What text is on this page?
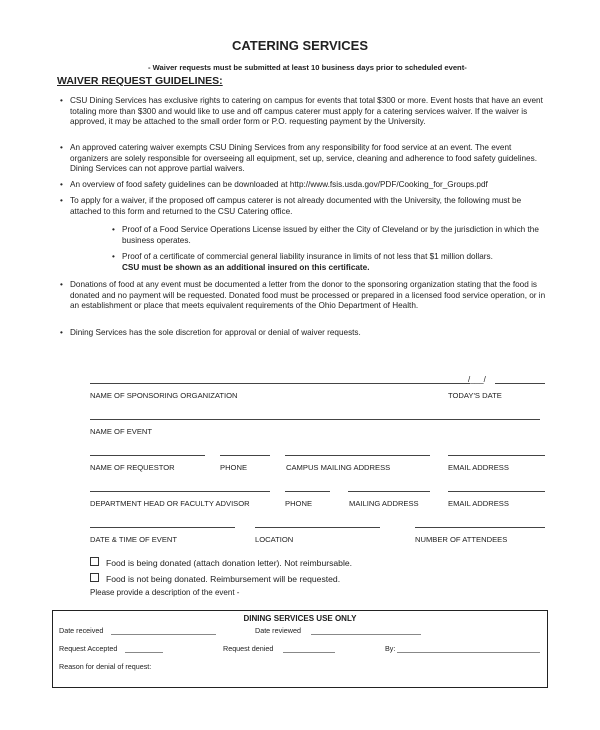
CATERING SERVICES
- Waiver requests must be submitted at least 10 business days prior to scheduled event-
WAIVER REQUEST GUIDELINES:
• CSU Dining Services has exclusive rights to catering on campus for events that total $300 or more. Event hosts that have an event totaling more than $300 and would like to use and off campus caterer must apply for a catering services waiver. If the waiver is approved, it may be attached to the small order form or P.O. requesting payment by the University.
• An approved catering waiver exempts CSU Dining Services from any responsibility for food service at an event. The event organizers are solely responsible for overseeing all equipment, set up, service, cleaning and adherence to food safety guidelines. Dining Services can not approve partial waivers.
• An overview of food safety guidelines can be downloaded at http://www.fsis.usda.gov/PDF/Cooking_for_Groups.pdf
• To apply for a waiver, if the proposed off campus caterer is not already documented with the University, the following must be attached to this form and returned to the CSU Catering office.
• Proof of a Food Service Operations License issued by either the City of Cleveland or by the jurisdiction in which the business operates.
• Proof of a certificate of commercial general liability insurance in limits of not less that $1 million dollars.
CSU must be shown as an additional insured on this certificate.
• Donations of food at any event must be documented a letter from the donor to the sponsoring organization stating that the food is donated and no payment will be requested. Donated food must be processed or prepared in a licensed food service operation, or in an establishment or place that meets equivalent requirements of the Ohio Department of Health.
• Dining Services has the sole discretion for approval or denial of waiver requests.
/___/
NAME OF SPONSORING ORGANIZATION	TODAY'S DATE
NAME OF EVENT
NAME OF REQUESTOR	PHONE	CAMPUS MAILING ADDRESS	EMAIL ADDRESS
DEPARTMENT HEAD OR FACULTY ADVISOR	PHONE	MAILING ADDRESS	EMAIL ADDRESS
DATE & TIME OF EVENT	LOCATION	NUMBER OF ATTENDEES
Food is being donated (attach donation letter). Not reimbursable.
Food is not being donated. Reimbursement will be requested.
Please provide a description of the event -
DINING SERVICES USE ONLY
Date received	Date reviewed
Request Accepted	Request denied	By:
Reason for denial of request:
